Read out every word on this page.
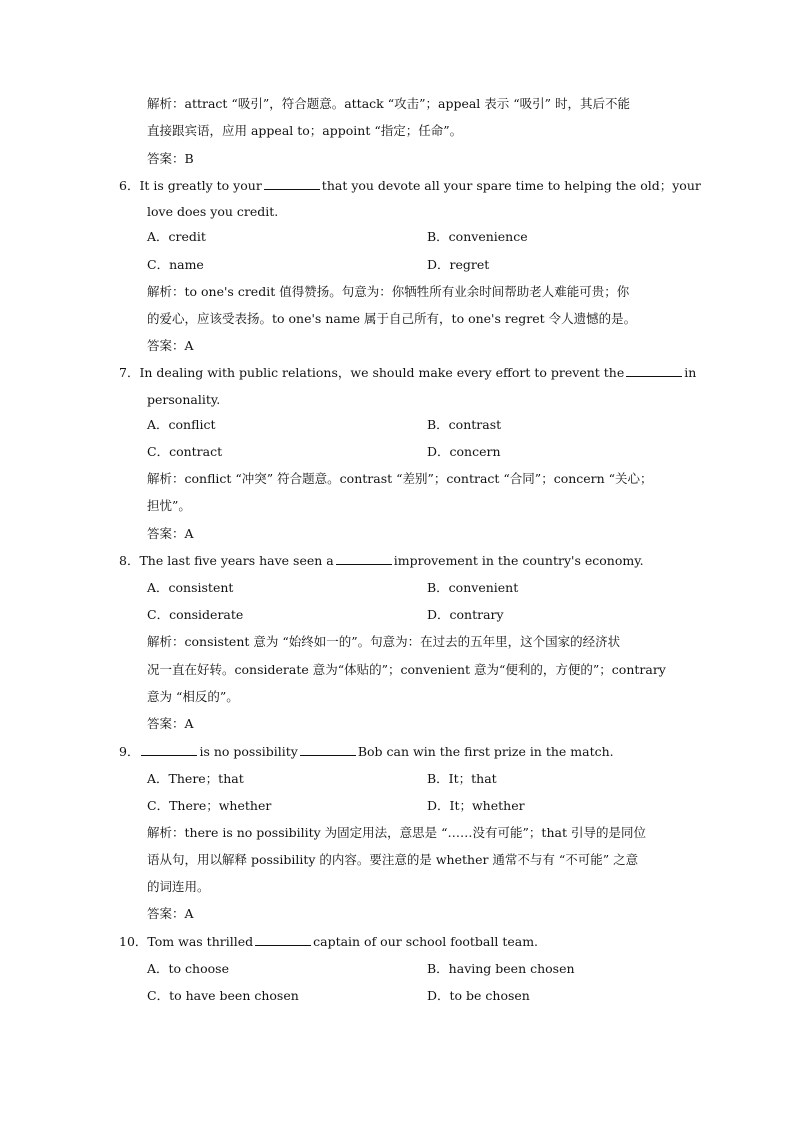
解析：attract “吸引”，符合题意。attack “攻击”；appeal 表示 “吸引” 时，其后不能
直接跟宾语，应用 appeal to；appoint “指定；任命”。
答案：B
6．It is greatly to your	that you devote all your spare time to helping the old；your
love does you credit.
A．credit	B．convenience
C．name	D．regret
解析：to one's credit 值得赞扬。句意为：你牺牲所有业余时间帮助老人难能可贵；你
的爱心，应该受表扬。to one's name 属于自己所有，to one's regret 令人遗憾的是。
答案：A
7．In dealing with public relations，we should make every effort to prevent the	in
personality.
A．conflict	B．contrast
C．contract	D．concern
解析：conflict “冲突” 符合题意。contrast “差别”；contract “合同”；concern “关心；
担忧”。
答案：A
8．The last five years have seen a	improvement in the country's economy.
A．consistent	B．convenient
C．considerate	D．contrary
解析：consistent 意为 “始终如一的”。句意为：在过去的五年里，这个国家的经济状
况一直在好转。considerate 意为“体贴的”；convenient 意为“便利的，方便的”；contrary
意为 “相反的”。
答案：A
9．	is no possibility	Bob can win the first prize in the match.
A．There；that	B．It；that
C．There；whether	D．It；whether
解析：there is no possibility 为固定用法，意思是 “……没有可能”；that 引导的是同位
语从句，用以解释 possibility 的内容。要注意的是 whether 通常不与有 “不可能” 之意
的词连用。
答案：A
10．Tom was thrilled	captain of our school football team.
A．to choose	B．having been chosen
C．to have been chosen	D．to be chosen
